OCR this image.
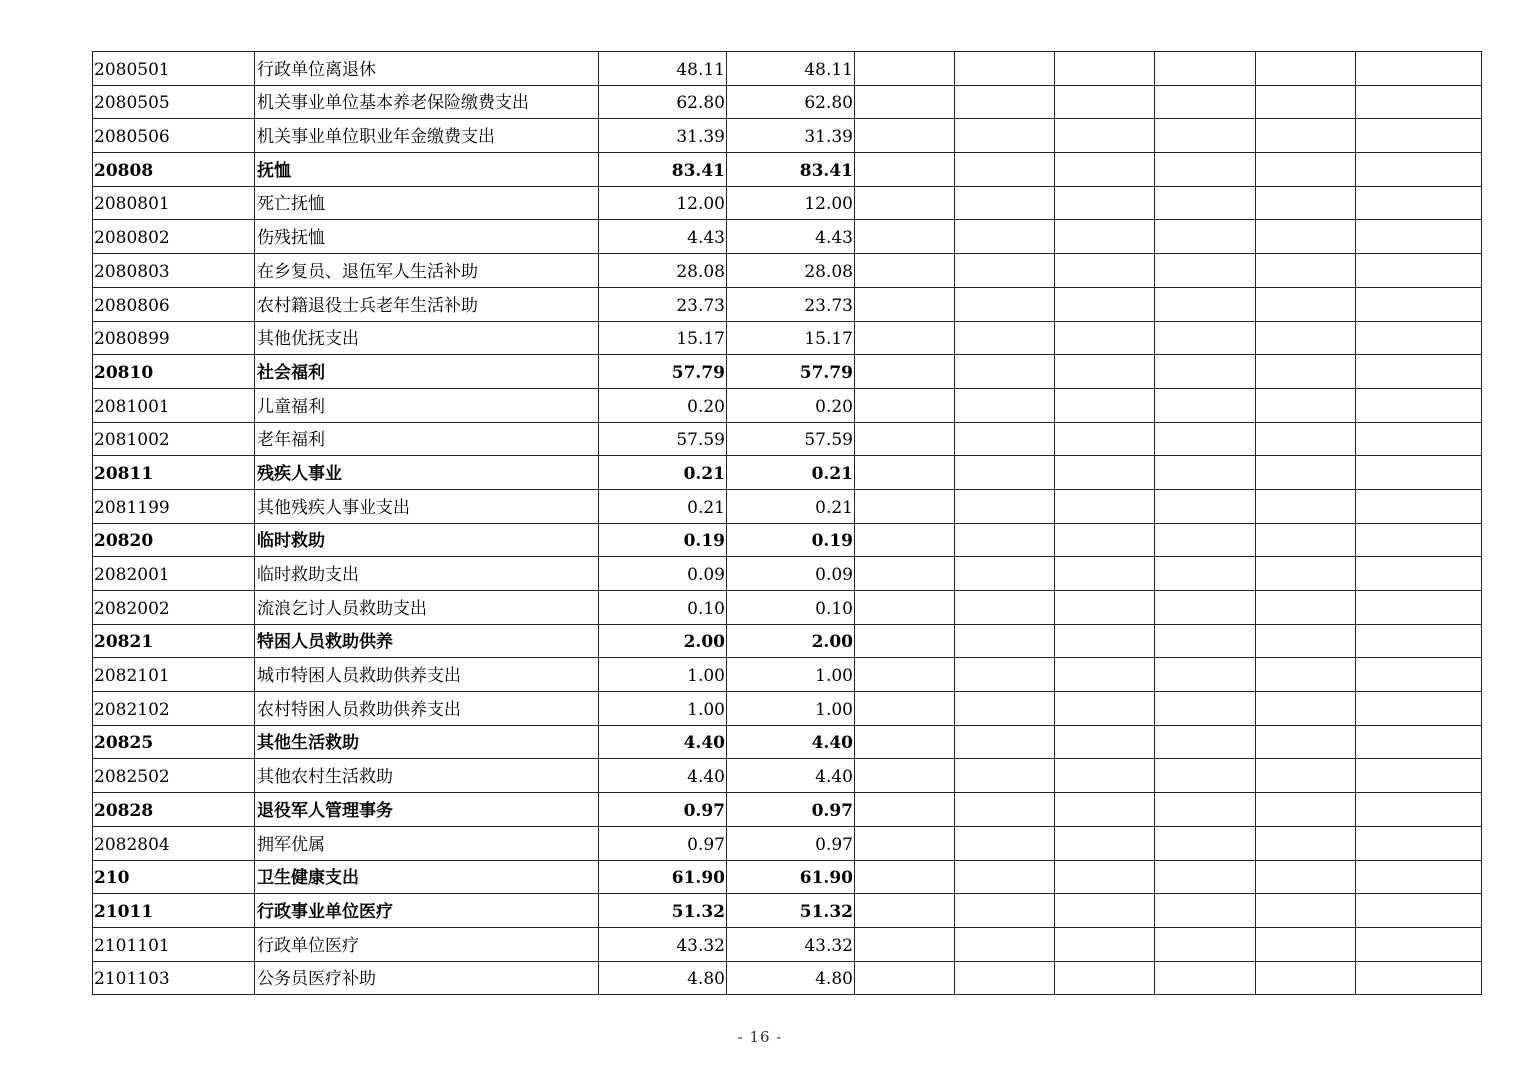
2080501	行政单位离退休	48.11	48.11						
2080505	机关事业单位基本养老保险缴费支出	62.80	62.80						
2080506	机关事业单位职业年金缴费支出	31.39	31.39						
20808	抚恤	83.41	83.41						
2080801	死亡抚恤	12.00	12.00						
2080802	伤残抚恤	4.43	4.43						
2080803	在乡复员、退伍军人生活补助	28.08	28.08						
2080806	农村籍退役士兵老年生活补助	23.73	23.73						
2080899	其他优抚支出	15.17	15.17						
20810	社会福利	57.79	57.79						
2081001	儿童福利	0.20	0.20						
2081002	老年福利	57.59	57.59						
20811	残疾人事业	0.21	0.21						
2081199	其他残疾人事业支出	0.21	0.21						
20820	临时救助	0.19	0.19						
2082001	临时救助支出	0.09	0.09						
2082002	流浪乞讨人员救助支出	0.10	0.10						
20821	特困人员救助供养	2.00	2.00						
2082101	城市特困人员救助供养支出	1.00	1.00						
2082102	农村特困人员救助供养支出	1.00	1.00						
20825	其他生活救助	4.40	4.40						
2082502	其他农村生活救助	4.40	4.40						
20828	退役军人管理事务	0.97	0.97						
2082804	拥军优属	0.97	0.97						
210	卫生健康支出	61.90	61.90						
21011	行政事业单位医疗	51.32	51.32						
2101101	行政单位医疗	43.32	43.32						
2101103	公务员医疗补助	4.80	4.80						
- 16 -
